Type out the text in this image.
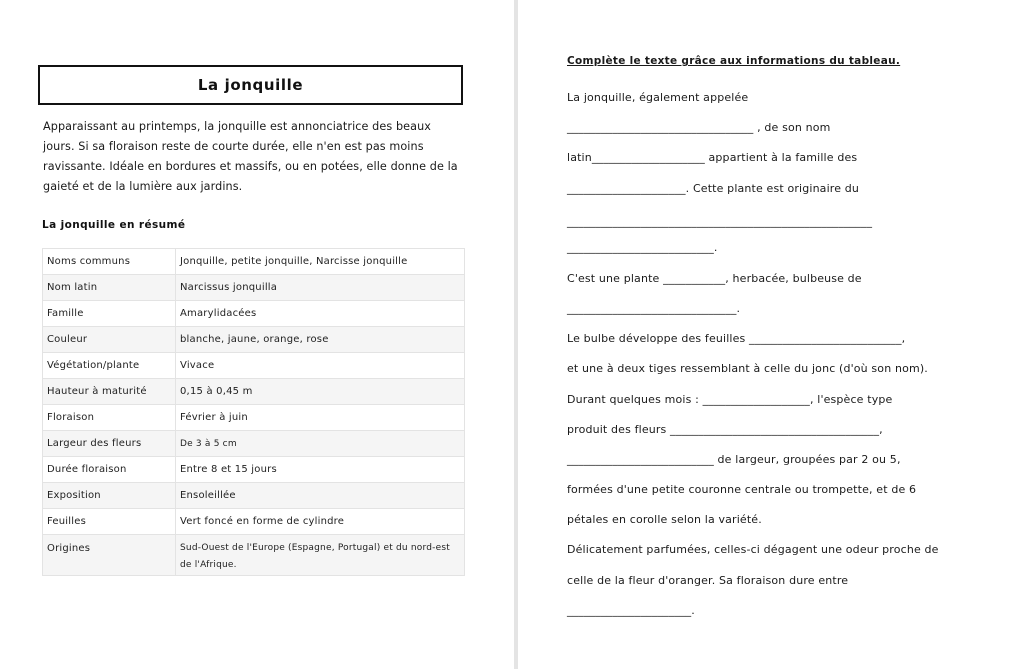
La jonquille

Apparaissant au printemps, la jonquille est annonciatrice des beaux jours. Si sa floraison reste de courte durée, elle n'en est pas moins ravissante. Idéale en bordures et massifs, ou en potées, elle donne de la gaieté et de la lumière aux jardins.

La jonquille en résumé
Noms communs	Jonquille, petite jonquille, Narcisse jonquille
Nom latin	Narcissus jonquilla
Famille	Amarylidacées
Couleur	blanche, jaune, orange, rose
Végétation/plante	Vivace
Hauteur à maturité	0,15 à 0,45 m
Floraison	Février à juin
Largeur des fleurs	De 3 à 5 cm
Durée floraison	Entre 8 et 15 jours
Exposition	Ensoleillée
Feuilles	Vert foncé en forme de cylindre
Origines	Sud-Ouest de l'Europe (Espagne, Portugal) et du nord-est de l'Afrique.
Complète le texte grâce aux informations du tableau.
La jonquille, également appelée
_________________________________ , de son nom
latin____________________ appartient à la famille des
_____________________. Cette plante est originaire du
______________________________________________________
__________________________.
C'est une plante ___________, herbacée, bulbeuse de
______________________________.
Le bulbe développe des feuilles ___________________________,
et une à deux tiges ressemblant à celle du jonc (d'où son nom).
Durant quelques mois : ___________________, l'espèce type
produit des fleurs _____________________________________,
__________________________ de largeur, groupées par 2 ou 5,
formées d'une petite couronne centrale ou trompette, et de 6
pétales en corolle selon la variété.
Délicatement parfumées, celles-ci dégagent une odeur proche de
celle de la fleur d'oranger. Sa floraison dure entre
______________________.
